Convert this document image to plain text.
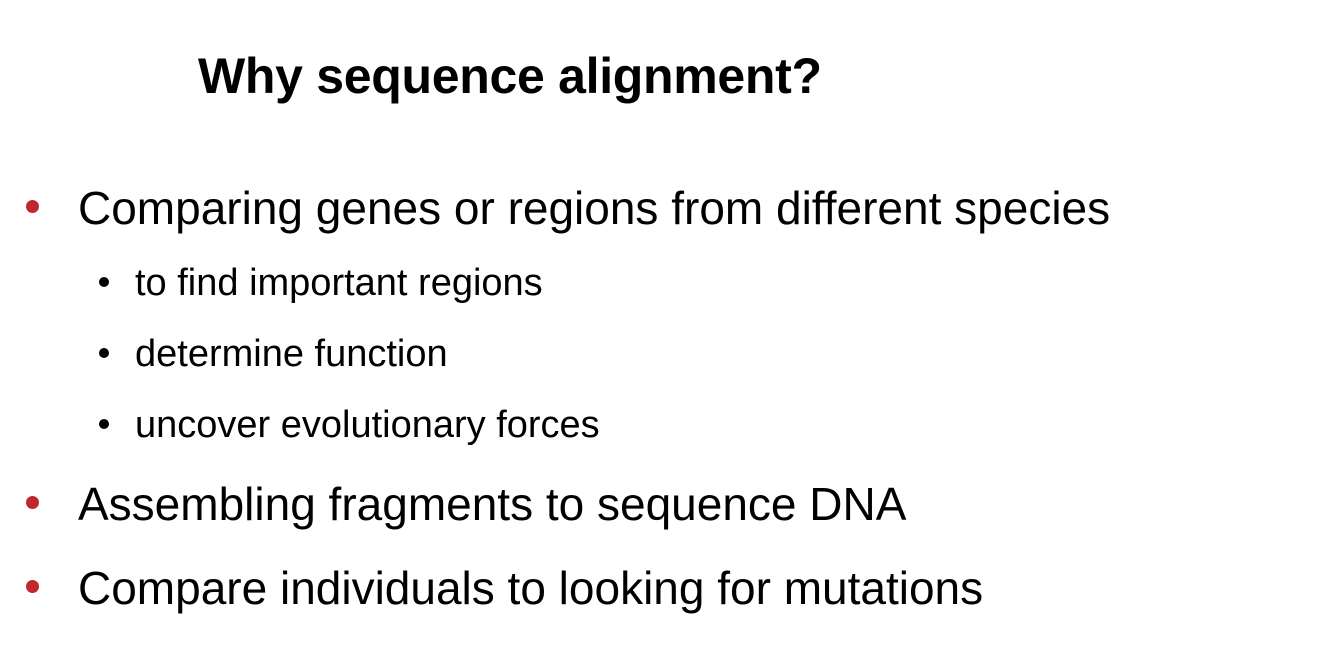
Why sequence alignment?
Comparing genes or regions from different species
to find important regions
determine function
uncover evolutionary forces
Assembling fragments to sequence DNA
Compare individuals to looking for mutations
